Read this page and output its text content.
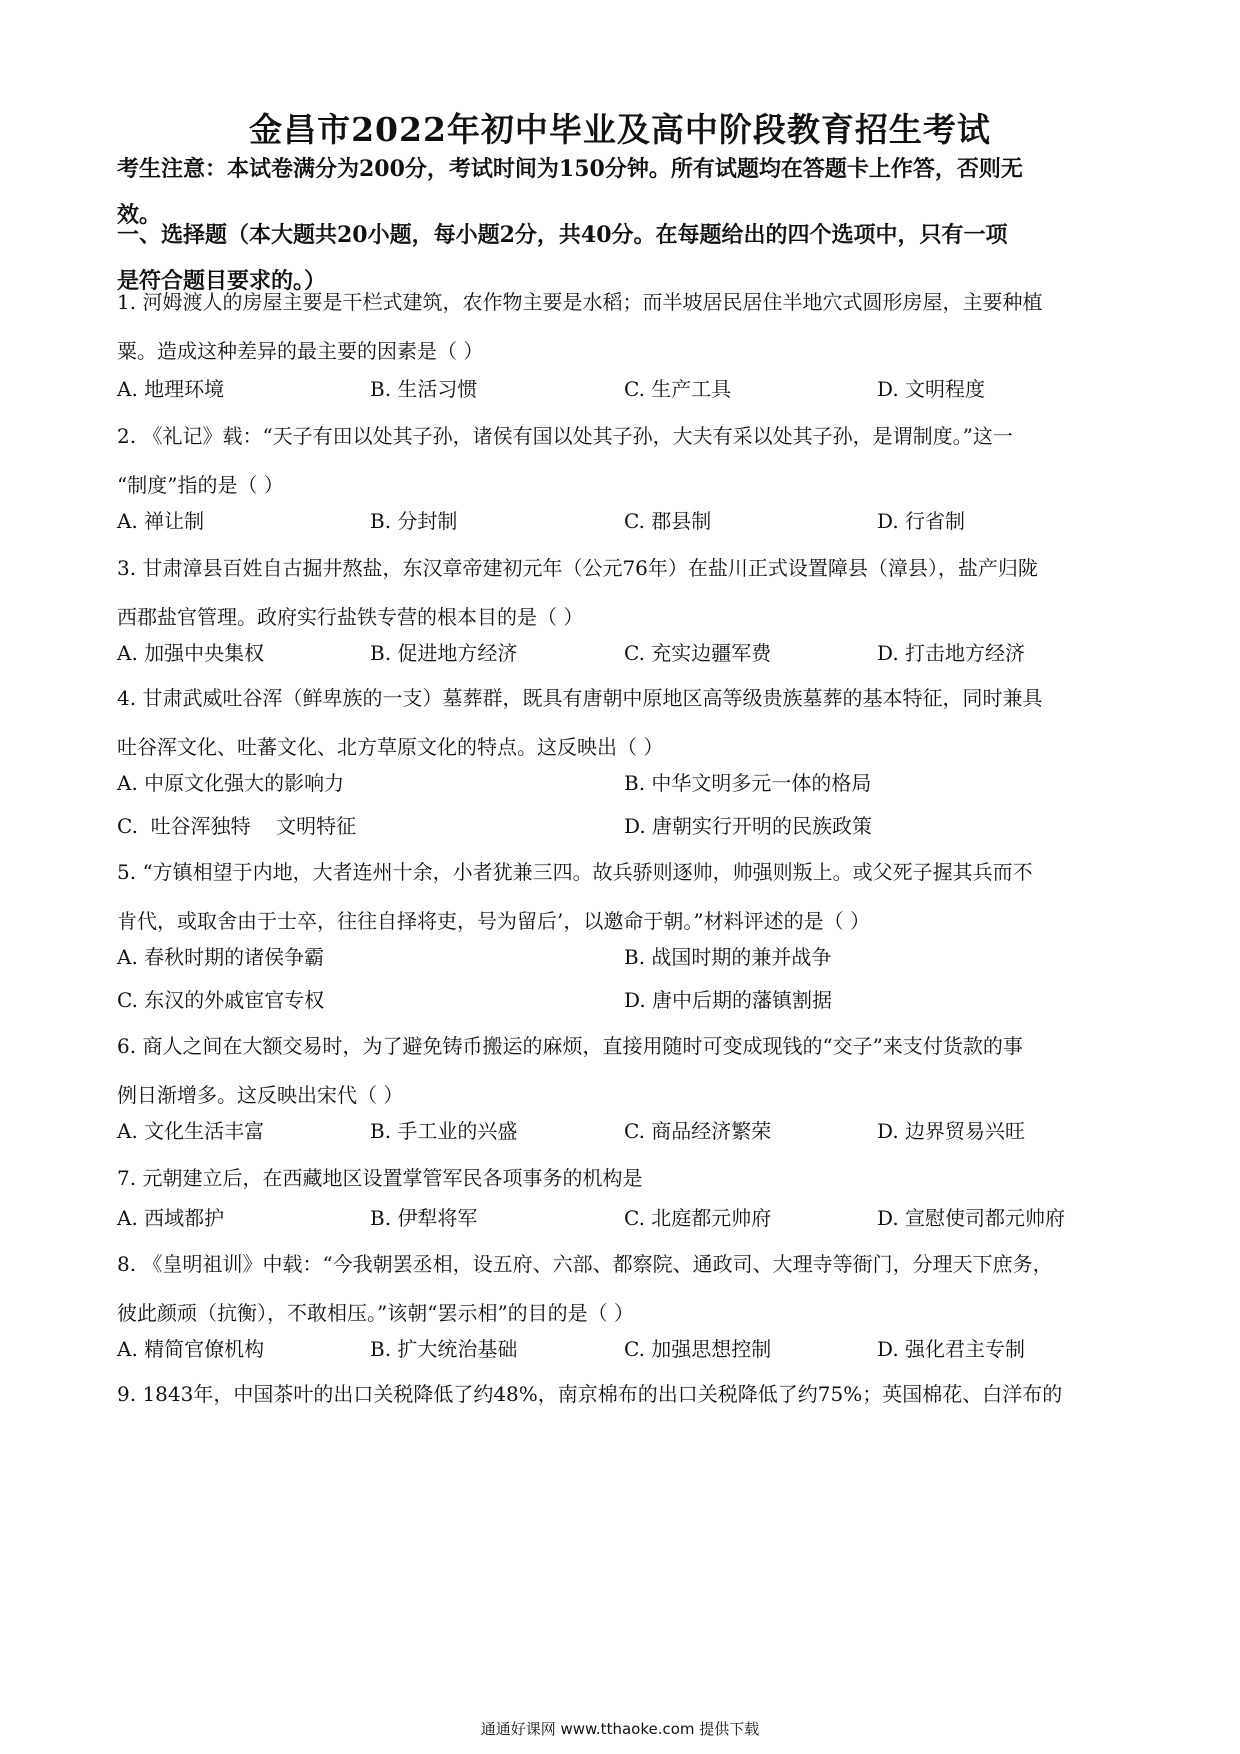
金昌市2022年初中毕业及高中阶段教育招生考试
考生注意：本试卷满分为200分，考试时间为150分钟。所有试题均在答题卡上作答，否则无
效。
一、选择题（本大题共20小题，每小题2分，共40分。在每题给出的四个选项中，只有一项
是符合题目要求的。）
1. 河姆渡人的房屋主要是干栏式建筑，农作物主要是水稻；而半坡居民居住半地穴式圆形房屋，主要种植
粟。造成这种差异的最主要的因素是（ ）
A. 地理环境	B. 生活习惯	C. 生产工具	D. 文明程度
2. 《礼记》载：“天子有田以处其子孙，诸侯有国以处其子孙，大夫有采以处其子孙，是谓制度。”这一
“制度”指的是（ ）
A. 禅让制	B. 分封制	C. 郡县制	D. 行省制
3. 甘肃漳县百姓自古掘井熬盐，东汉章帝建初元年（公元76年）在盐川正式设置障县（漳县），盐产归陇
西郡盐官管理。政府实行盐铁专营的根本目的是（ ）
A. 加强中央集权	B. 促进地方经济	C. 充实边疆军费	D. 打击地方经济
4. 甘肃武威吐谷浑（鲜卑族的一支）墓葬群，既具有唐朝中原地区高等级贵族墓葬的基本特征，同时兼具
吐谷浑文化、吐蕃文化、北方草原文化的特点。这反映出（ ）
A. 中原文化强大的影响力	B. 中华文明多元一体的格局
C.  吐谷浑独特    文明特征	D. 唐朝实行开明的民族政策
5. “方镇相望于内地，大者连州十余，小者犹兼三四。故兵骄则逐帅，帅强则叛上。或父死子握其兵而不
肯代，或取舍由于士卒，往往自择将吏，号为留后’，以邀命于朝。”材料评述的是（ ）
A. 春秋时期的诸侯争霸	B. 战国时期的兼并战争
C. 东汉的外戚宦官专权	D. 唐中后期的藩镇割据
6. 商人之间在大额交易时，为了避免铸币搬运的麻烦，直接用随时可变成现钱的“交子”来支付货款的事
例日渐增多。这反映出宋代（ ）
A. 文化生活丰富	B. 手工业的兴盛	C. 商品经济繁荣	D. 边界贸易兴旺
7. 元朝建立后，在西藏地区设置掌管军民各项事务的机构是
A. 西域都护	B. 伊犁将军	C. 北庭都元帅府	D. 宣慰使司都元帅府
8. 《皇明祖训》中载：“今我朝罢丞相，设五府、六部、都察院、通政司、大理寺等衙门，分理天下庶务，
彼此颜顽（抗衡），不敢相压。”该朝“罢示相”的目的是（ ）
A. 精简官僚机构	B. 扩大统治基础	C. 加强思想控制	D. 强化君主专制
9. 1843年，中国茶叶的出口关税降低了约48%，南京棉布的出口关税降低了约75%；英国棉花、白洋布的
通通好课网 www.tthaoke.com 提供下载
